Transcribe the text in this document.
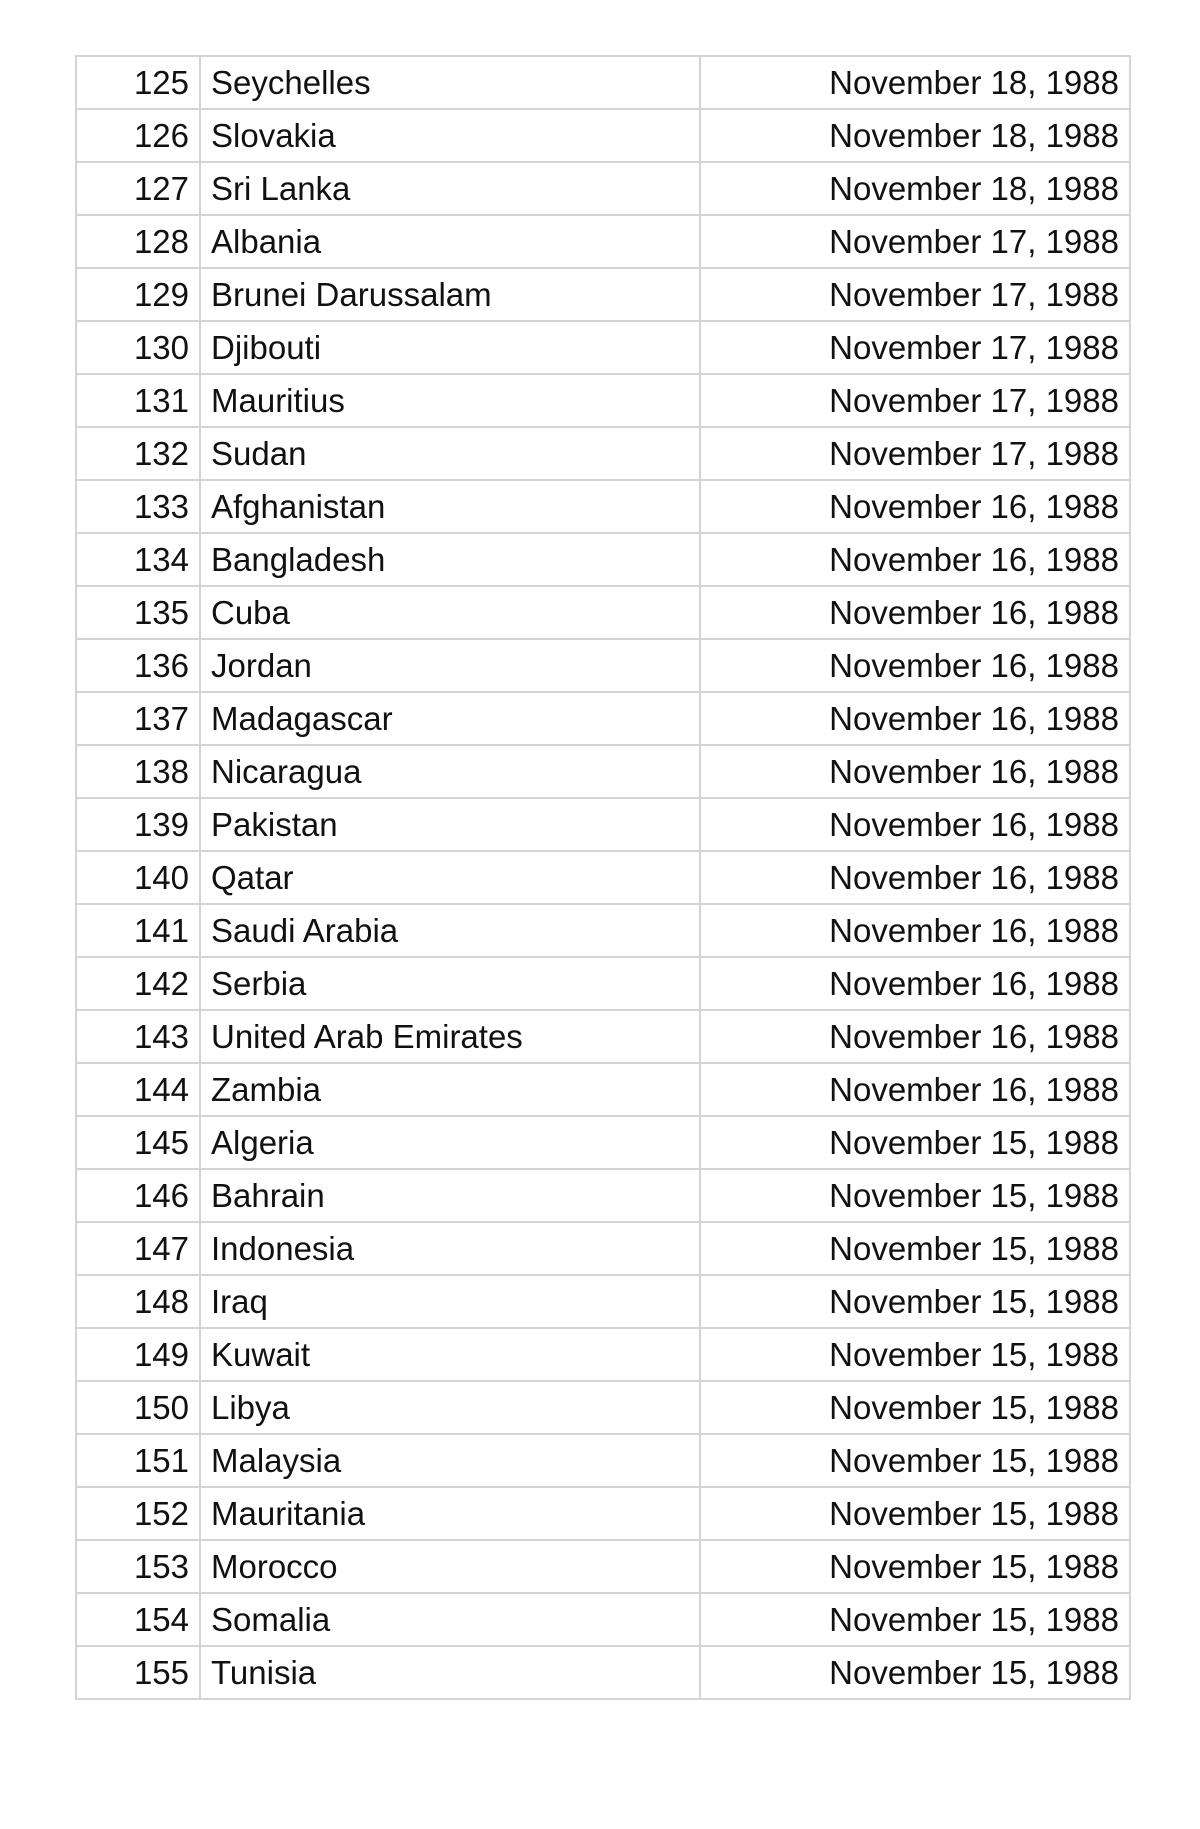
125	Seychelles	November 18, 1988
126	Slovakia	November 18, 1988
127	Sri Lanka	November 18, 1988
128	Albania	November 17, 1988
129	Brunei Darussalam	November 17, 1988
130	Djibouti	November 17, 1988
131	Mauritius	November 17, 1988
132	Sudan	November 17, 1988
133	Afghanistan	November 16, 1988
134	Bangladesh	November 16, 1988
135	Cuba	November 16, 1988
136	Jordan	November 16, 1988
137	Madagascar	November 16, 1988
138	Nicaragua	November 16, 1988
139	Pakistan	November 16, 1988
140	Qatar	November 16, 1988
141	Saudi Arabia	November 16, 1988
142	Serbia	November 16, 1988
143	United Arab Emirates	November 16, 1988
144	Zambia	November 16, 1988
145	Algeria	November 15, 1988
146	Bahrain	November 15, 1988
147	Indonesia	November 15, 1988
148	Iraq	November 15, 1988
149	Kuwait	November 15, 1988
150	Libya	November 15, 1988
151	Malaysia	November 15, 1988
152	Mauritania	November 15, 1988
153	Morocco	November 15, 1988
154	Somalia	November 15, 1988
155	Tunisia	November 15, 1988
